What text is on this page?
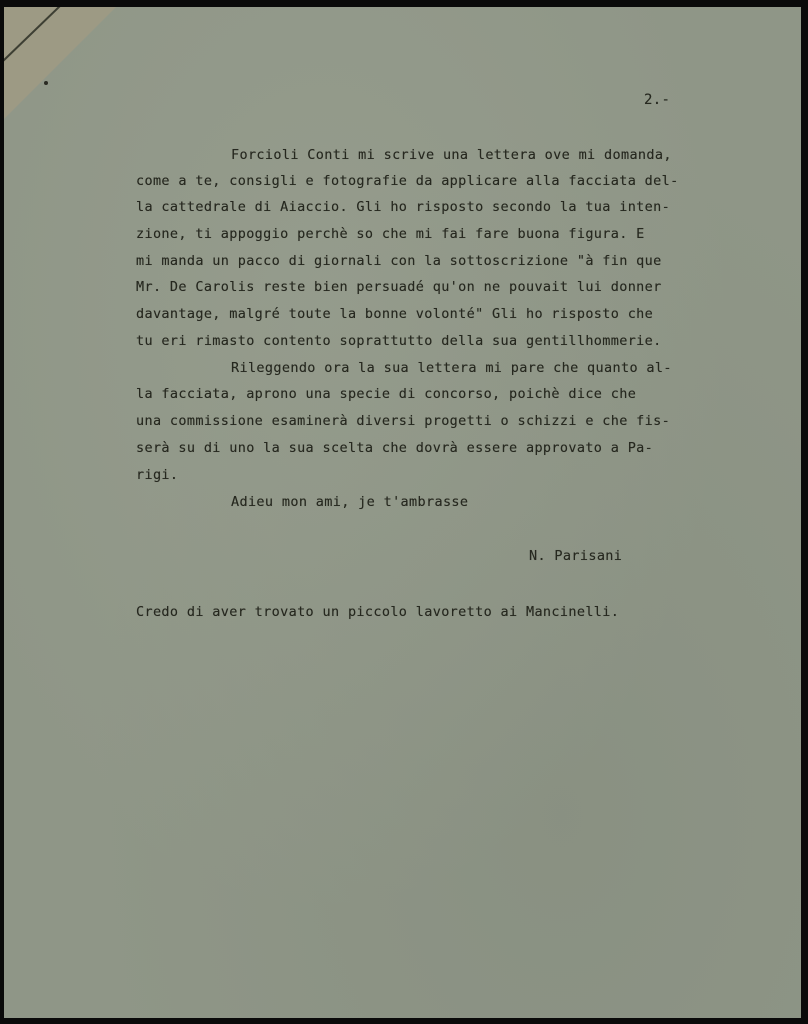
2.-
Forcioli Conti mi scrive una lettera ove mi domanda,
come a te, consigli e fotografie da applicare alla facciata del-
la cattedrale di Aiaccio. Gli ho risposto secondo la tua inten-
zione, ti appoggio perchè so che mi fai fare buona figura. E
mi manda un pacco di giornali con la sottoscrizione "à fin que
Mr. De Carolis reste bien persuadé qu'on ne pouvait lui donner
davantage, malgré toute la bonne volonté" Gli ho risposto che
tu eri rimasto contento soprattutto della sua gentillhommerie.
Rileggendo ora la sua lettera mi pare che quanto al-
la facciata, aprono una specie di concorso, poichè dice che
una commissione esaminerà diversi progetti o schizzi e che fis-
serà su di uno la sua scelta che dovrà essere approvato a Pa-
rigi.
Adieu mon ami, je t'ambrasse
N. Parisani
Credo di aver trovato un piccolo lavoretto ai Mancinelli.
